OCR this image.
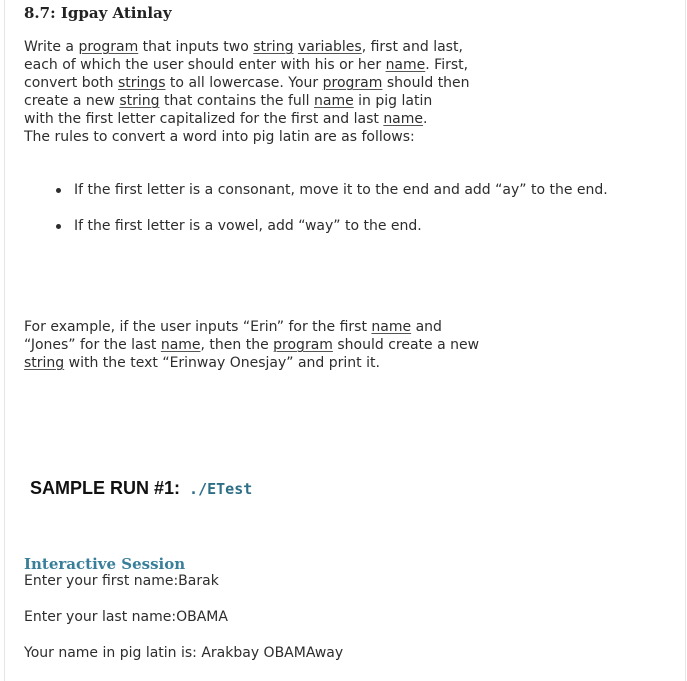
8.7: Igpay Atinlay
Write a program that inputs two string variables, first and last,
each of which the user should enter with his or her name. First,
convert both strings to all lowercase. Your program should then
create a new string that contains the full name in pig latin
with the first letter capitalized for the first and last name.
The rules to convert a word into pig latin are as follows:
If the first letter is a consonant, move it to the end and add “ay” to the end.
If the first letter is a vowel, add “way” to the end.
For example, if the user inputs “Erin” for the first name and
“Jones” for the last name, then the program should create a new
string with the text “Erinway Onesjay” and print it.
SAMPLE RUN #1: ./ETest
Interactive Session
Enter your first name:Barak
Enter your last name:OBAMA
Your name in pig latin is: Arakbay OBAMAway
